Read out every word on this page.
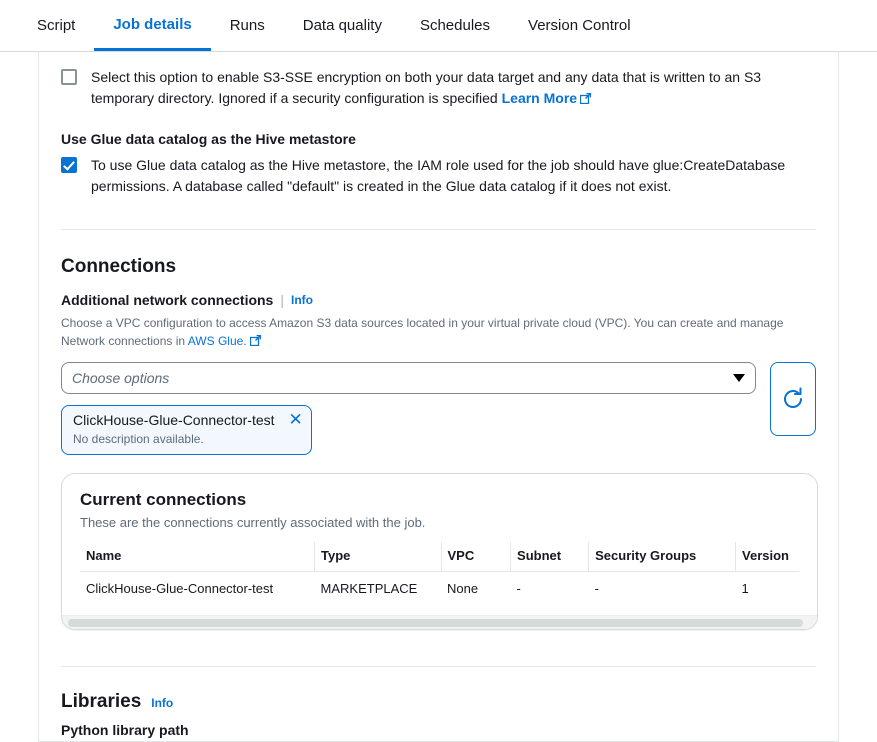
Script	Job details	Runs	Data quality	Schedules	Version Control
Select this option to enable S3-SSE encryption on both your data target and any data that is written to an S3 temporary directory. Ignored if a security configuration is specified Learn More
Use Glue data catalog as the Hive metastore
To use Glue data catalog as the Hive metastore, the IAM role used for the job should have glue:CreateDatabase permissions. A database called "default" is created in the Glue data catalog if it does not exist.
Connections
Additional network connections | Info
Choose a VPC configuration to access Amazon S3 data sources located in your virtual private cloud (VPC). You can create and manage Network connections in AWS Glue.
Choose options
ClickHouse-Glue-Connector-test
No description available.
✕
Current connections
These are the connections currently associated with the job.
Name	Type	VPC	Subnet	Security Groups	Version
ClickHouse-Glue-Connector-test	MARKETPLACE	None	-	-	1
Libraries Info
Python library path
